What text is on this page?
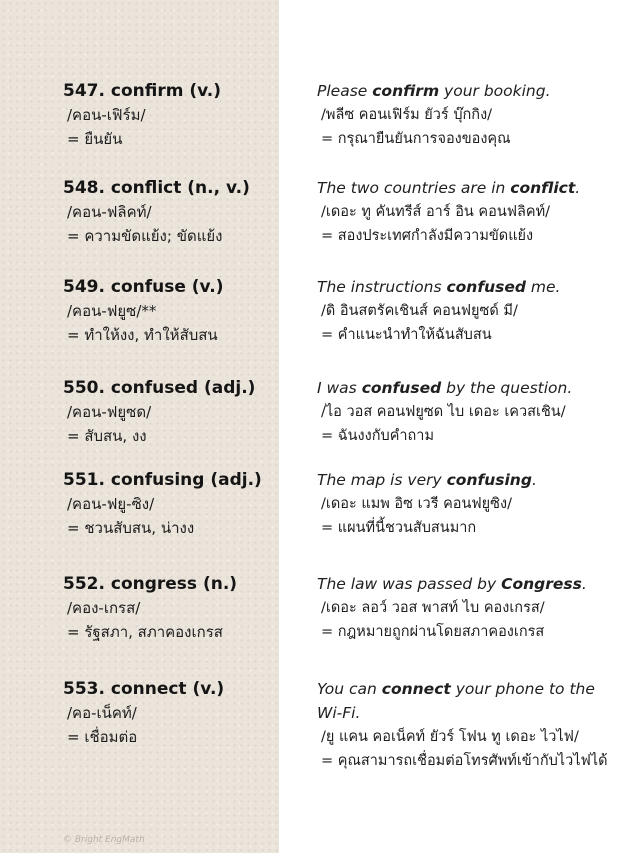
547. confirm (v.)
/คอน-เฟิร์ม/
= ยืนยัน
Please confirm your booking.
/พลีซ คอนเฟิร์ม ยัวร์ บุ๊กกิง/
= กรุณายืนยันการจองของคุณ
548. conflict (n., v.)
/คอน-ฟลิคท์/
= ความขัดแย้ง; ขัดแย้ง
The two countries are in conflict.
/เดอะ ทู คันทรีส์ อาร์ อิน คอนฟลิคท์/
= สองประเทศกำลังมีความขัดแย้ง
549. confuse (v.)
/คอน-ฟยูซ/**
= ทำให้งง, ทำให้สับสน
The instructions confused me.
/ดิ อินสตรัคเชินส์ คอนฟยูซด์ มี/
= คำแนะนำทำให้ฉันสับสน
550. confused (adj.)
/คอน-ฟยูซด/
= สับสน, งง
I was confused by the question.
/ไอ วอส คอนฟยูซด ไบ เดอะ เควสเชิน/
= ฉันงงกับคำถาม
551. confusing (adj.)
/คอน-ฟยู-ซิง/
= ชวนสับสน, น่างง
The map is very confusing.
/เดอะ แมพ อิซ เวรี คอนฟยูซิง/
= แผนที่นี้ชวนสับสนมาก
552. congress (n.)
/คอง-เกรส/
= รัฐสภา, สภาคองเกรส
The law was passed by Congress.
/เดอะ ลอว์ วอส พาสท์ ไบ คองเกรส/
= กฎหมายถูกผ่านโดยสภาคองเกรส
553. connect (v.)
/คอ-เน็คท์/
= เชื่อมต่อ
You can connect your phone to the Wi-Fi.
/ยู แคน คอเน็คท์ ยัวร์ โฟน ทู เดอะ ไวไฟ/
= คุณสามารถเชื่อมต่อโทรศัพท์เข้ากับไวไฟได้
© Bright EngMath
